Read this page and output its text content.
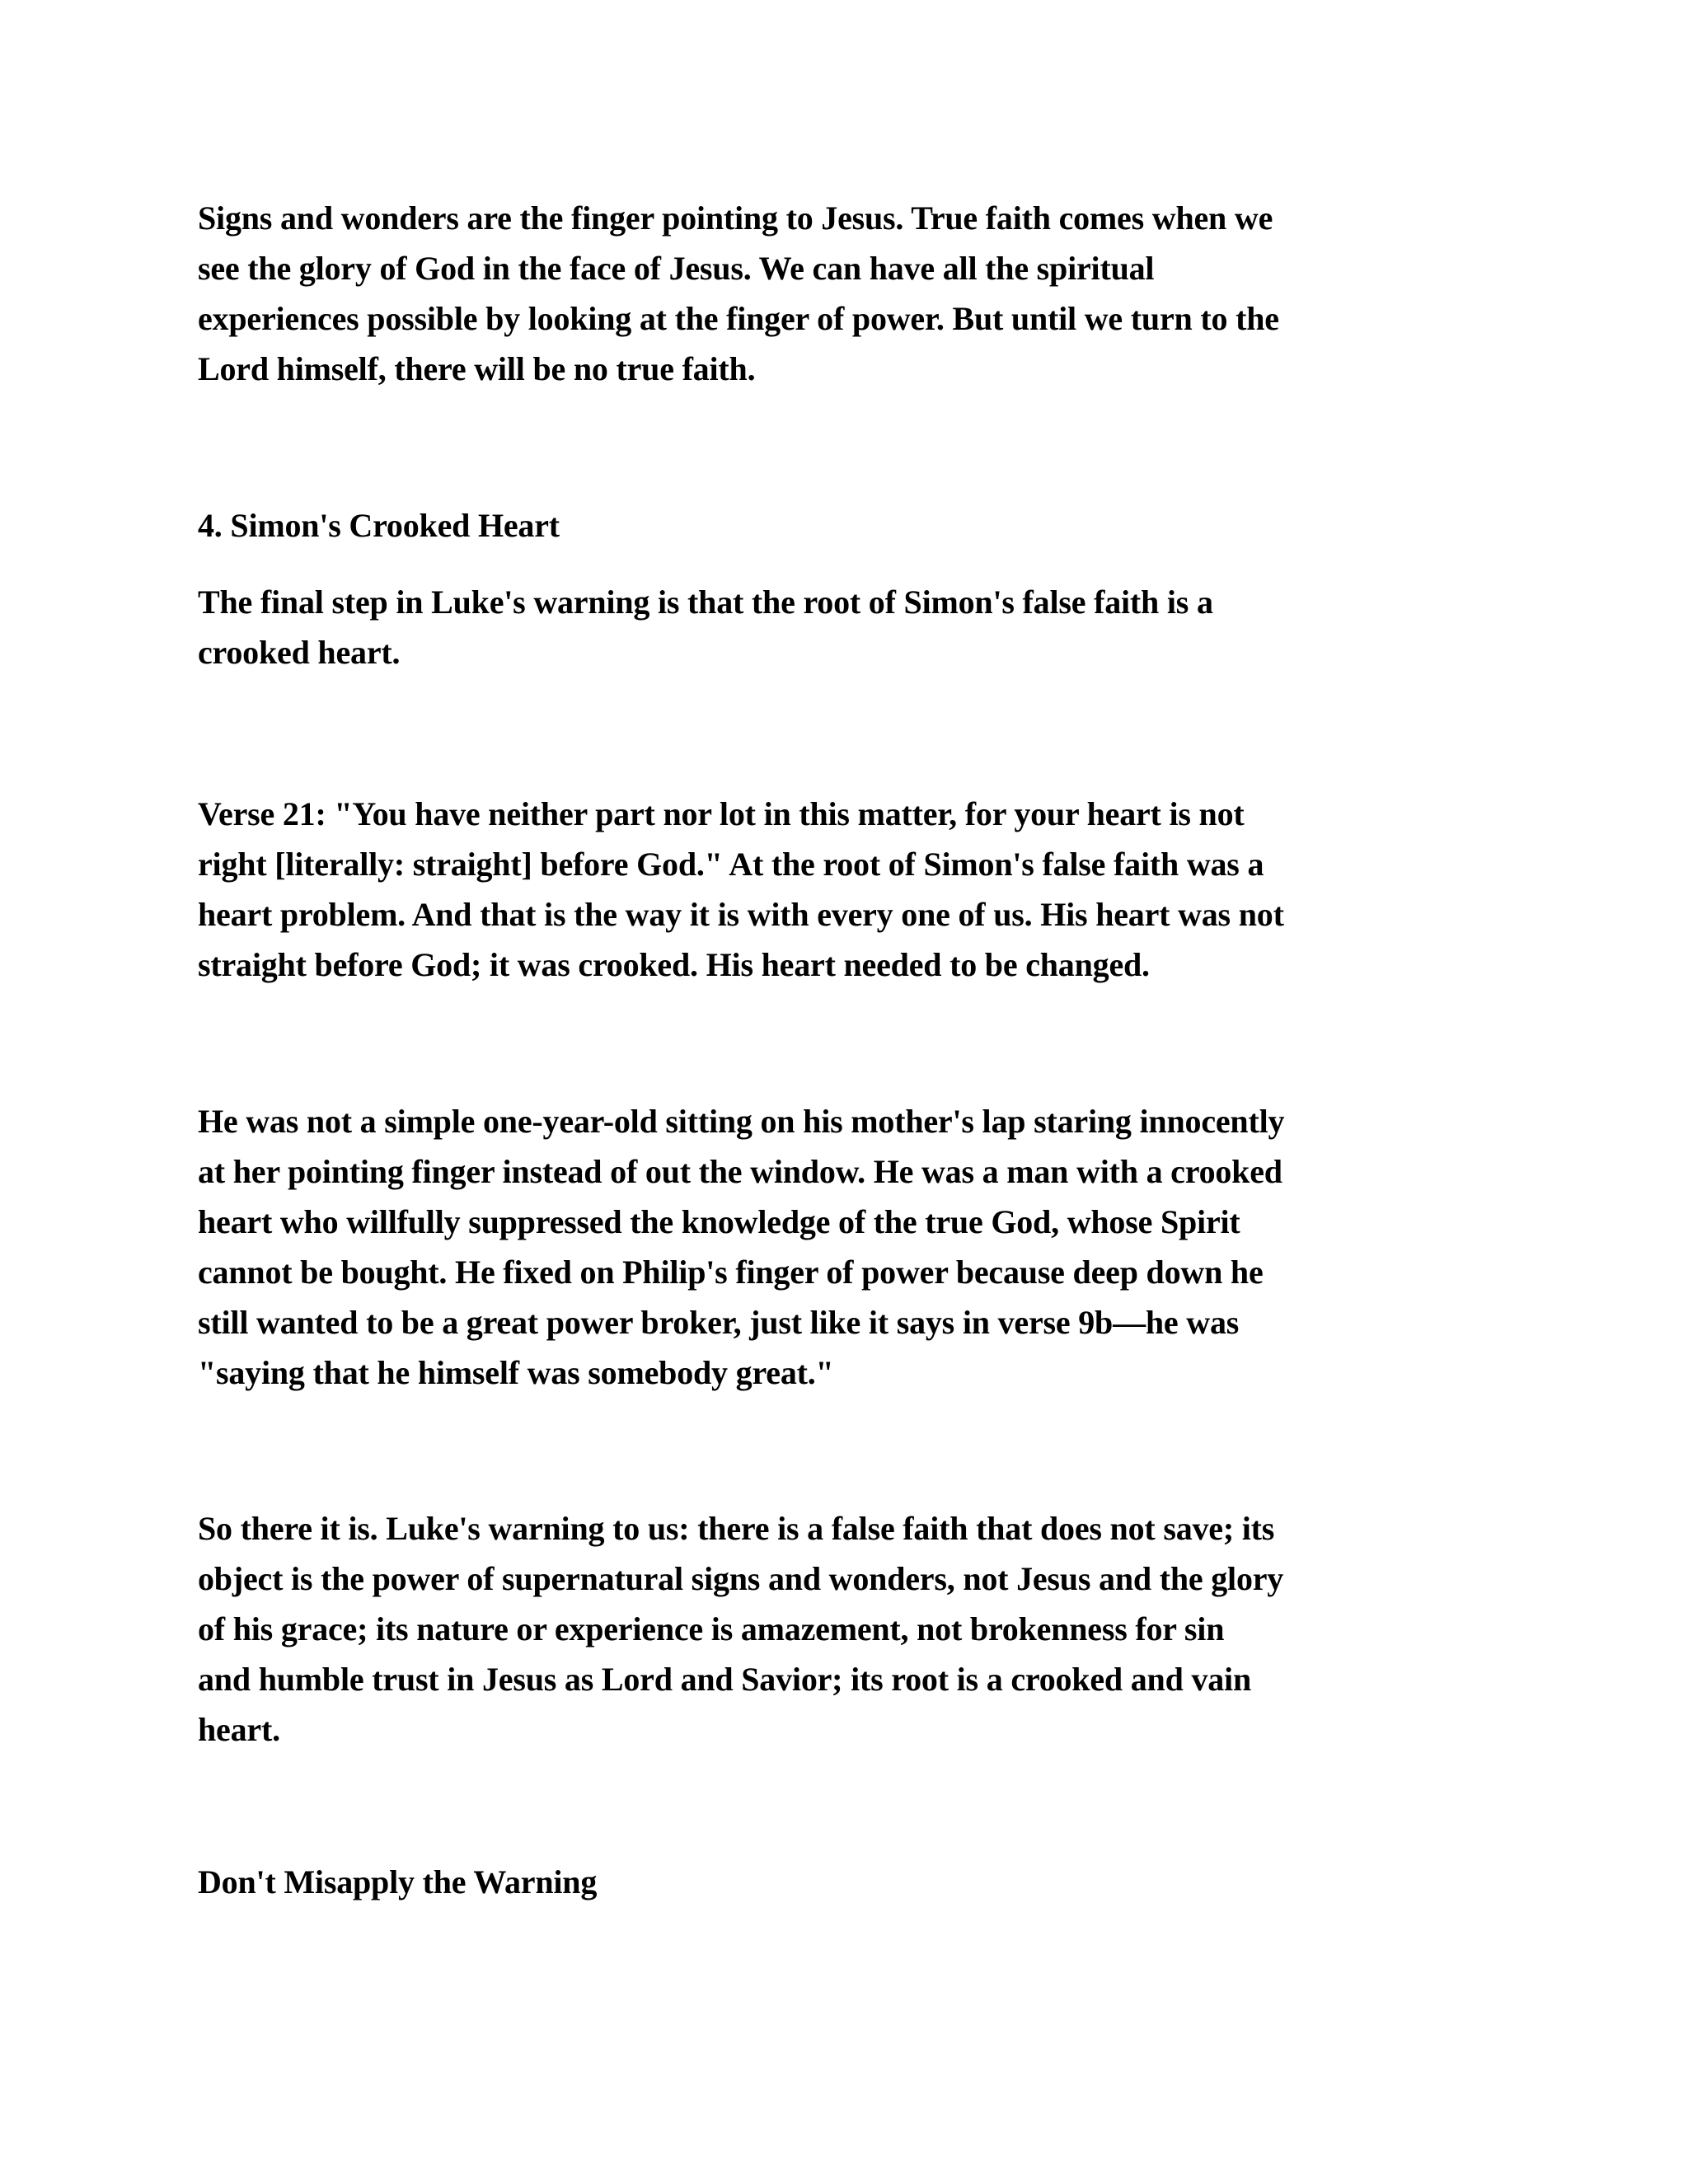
Signs and wonders are the finger pointing to Jesus. True faith comes when we
see the glory of God in the face of Jesus. We can have all the spiritual
experiences possible by looking at the finger of power. But until we turn to the
Lord himself, there will be no true faith.

4. Simon's Crooked Heart

The final step in Luke's warning is that the root of Simon's false faith is a
crooked heart.

Verse 21: "You have neither part nor lot in this matter, for your heart is not
right [literally: straight] before God." At the root of Simon's false faith was a
heart problem. And that is the way it is with every one of us. His heart was not
straight before God; it was crooked. His heart needed to be changed.

He was not a simple one-year-old sitting on his mother's lap staring innocently
at her pointing finger instead of out the window. He was a man with a crooked
heart who willfully suppressed the knowledge of the true God, whose Spirit
cannot be bought. He fixed on Philip's finger of power because deep down he
still wanted to be a great power broker, just like it says in verse 9b—he was
"saying that he himself was somebody great."

So there it is. Luke's warning to us: there is a false faith that does not save; its
object is the power of supernatural signs and wonders, not Jesus and the glory
of his grace; its nature or experience is amazement, not brokenness for sin
and humble trust in Jesus as Lord and Savior; its root is a crooked and vain
heart.

Don't Misapply the Warning
